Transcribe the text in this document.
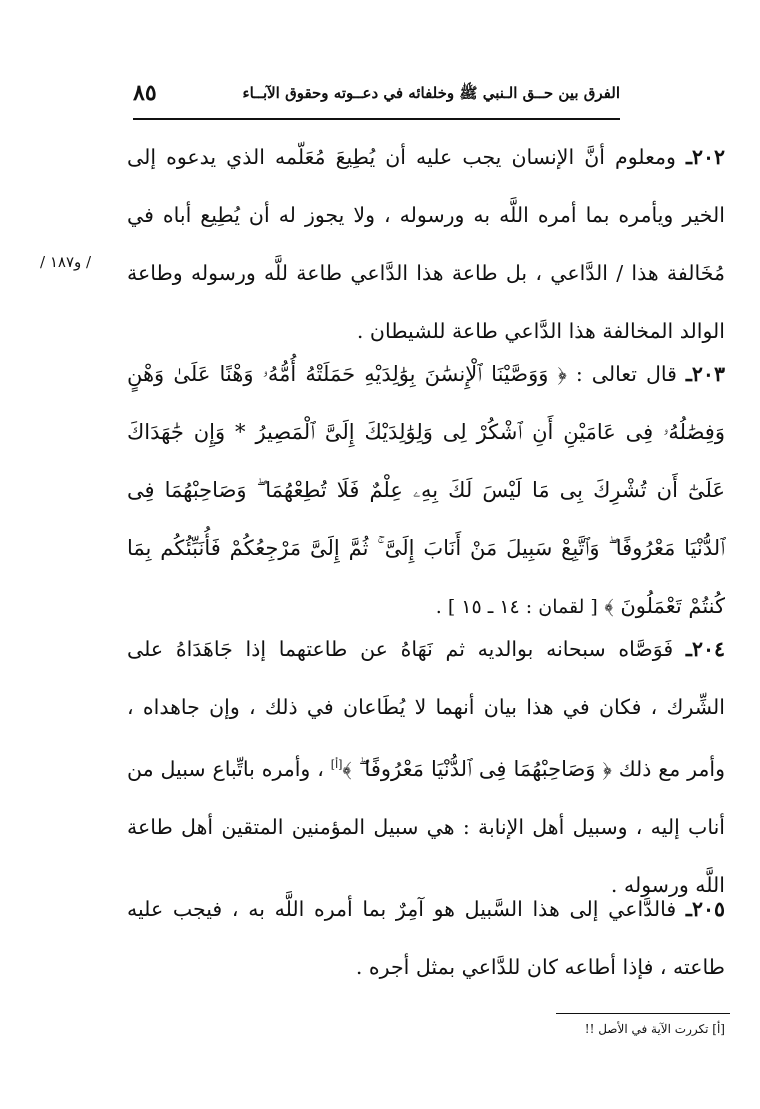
الفرق بين حــق الـنبي ﷺ وخلفائه في دعــوته وحقوق الآبــاء
٨٥
/ و١٨٧ /

٢٠٢ـ ومعلوم أنَّ الإنسان يجب عليه أن يُطِيعَ مُعَلّمه الذي يدعوه إلى الخير ويأمره بما أمره اللَّه به ورسوله ، ولا يجوز له أن يُطِيع أباه في مُخَالفة هذا / الدَّاعي ، بل طاعة هذا الدَّاعي طاعة للَّه ورسوله وطاعة الوالد المخالفة هذا الدَّاعي طاعة للشيطان .

٢٠٣ـ قال تعالى : ﴿ وَوَصَّيْنَا ٱلْإِنسَٰنَ بِوَٰلِدَيْهِ حَمَلَتْهُ أُمُّهُۥ وَهْنًا عَلَىٰ وَهْنٍ وَفِصَٰلُهُۥ فِى عَامَيْنِ أَنِ ٱشْكُرْ لِى وَلِوَٰلِدَيْكَ إِلَىَّ ٱلْمَصِيرُ * وَإِن جَٰهَدَاكَ عَلَىٰٓ أَن تُشْرِكَ بِى مَا لَيْسَ لَكَ بِهِۦ عِلْمٌ فَلَا تُطِعْهُمَا ۖ وَصَاحِبْهُمَا فِى ٱلدُّنْيَا مَعْرُوفًا ۖ وَٱتَّبِعْ سَبِيلَ مَنْ أَنَابَ إِلَىَّ ۚ ثُمَّ إِلَىَّ مَرْجِعُكُمْ فَأُنَبِّئُكُم بِمَا كُنتُمْ تَعْمَلُونَ ﴾ [ لقمان : ١٤ ـ ١٥ ] .

٢٠٤ـ فَوَصَّاه سبحانه بوالديه ثم نَهَاهُ عن طاعتهما إذا جَاهَدَاهُ على الشِّرك ، فكان في هذا بيان أنهما لا يُطَاعان في ذلك ، وإن جاهداه ، وأمر مع ذلك ﴿ وَصَاحِبْهُمَا فِى ٱلدُّنْيَا مَعْرُوفًا ۖ ﴾[أ] ، وأمره باتِّباع سبيل من أناب إليه ، وسبيل أهل الإنابة : هي سبيل المؤمنين المتقين أهل طاعة اللَّه ورسوله .

٢٠٥ـ فالدَّاعي إلى هذا السَّبيل هو آمِرٌ بما أمره اللَّه به ، فيجب عليه طاعته ، فإذا أطاعه كان للدَّاعي بمثل أجره .

[أ] تكررت الآية في الأصل !!
